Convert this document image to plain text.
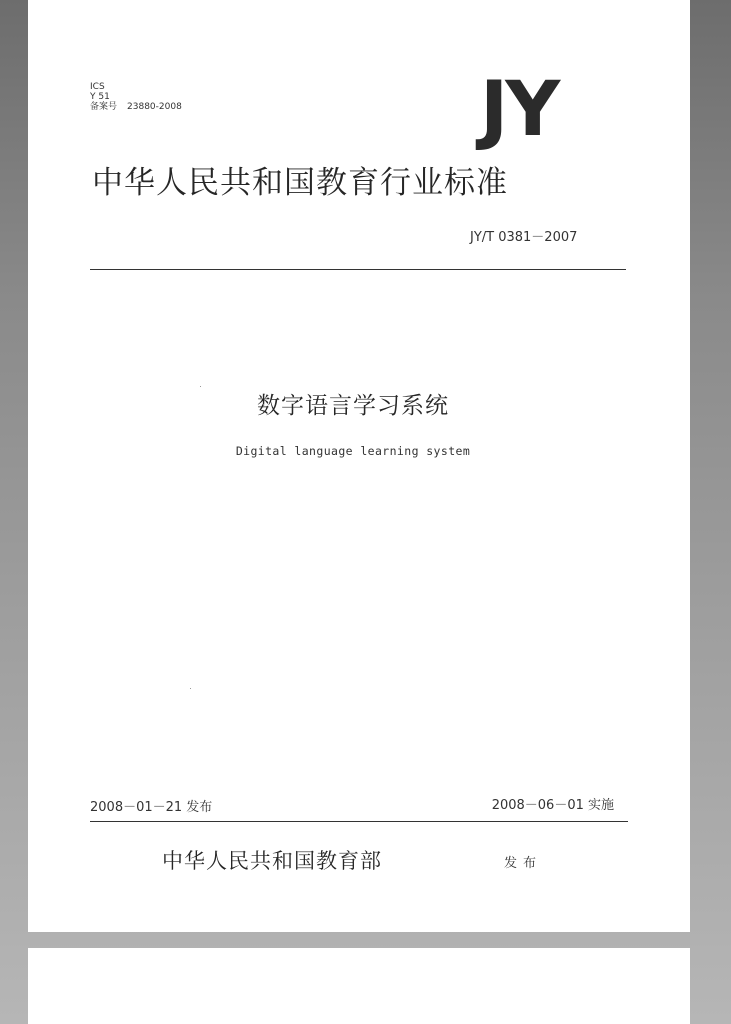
ICS
Y 51
备案号 23880-2008	JY
中华人民共和国教育行业标准
JY/T 0381－2007
数字语言学习系统
Digital language learning system
2008－01－21 发布	2008－06－01 实施
中华人民共和国教育部	发布
